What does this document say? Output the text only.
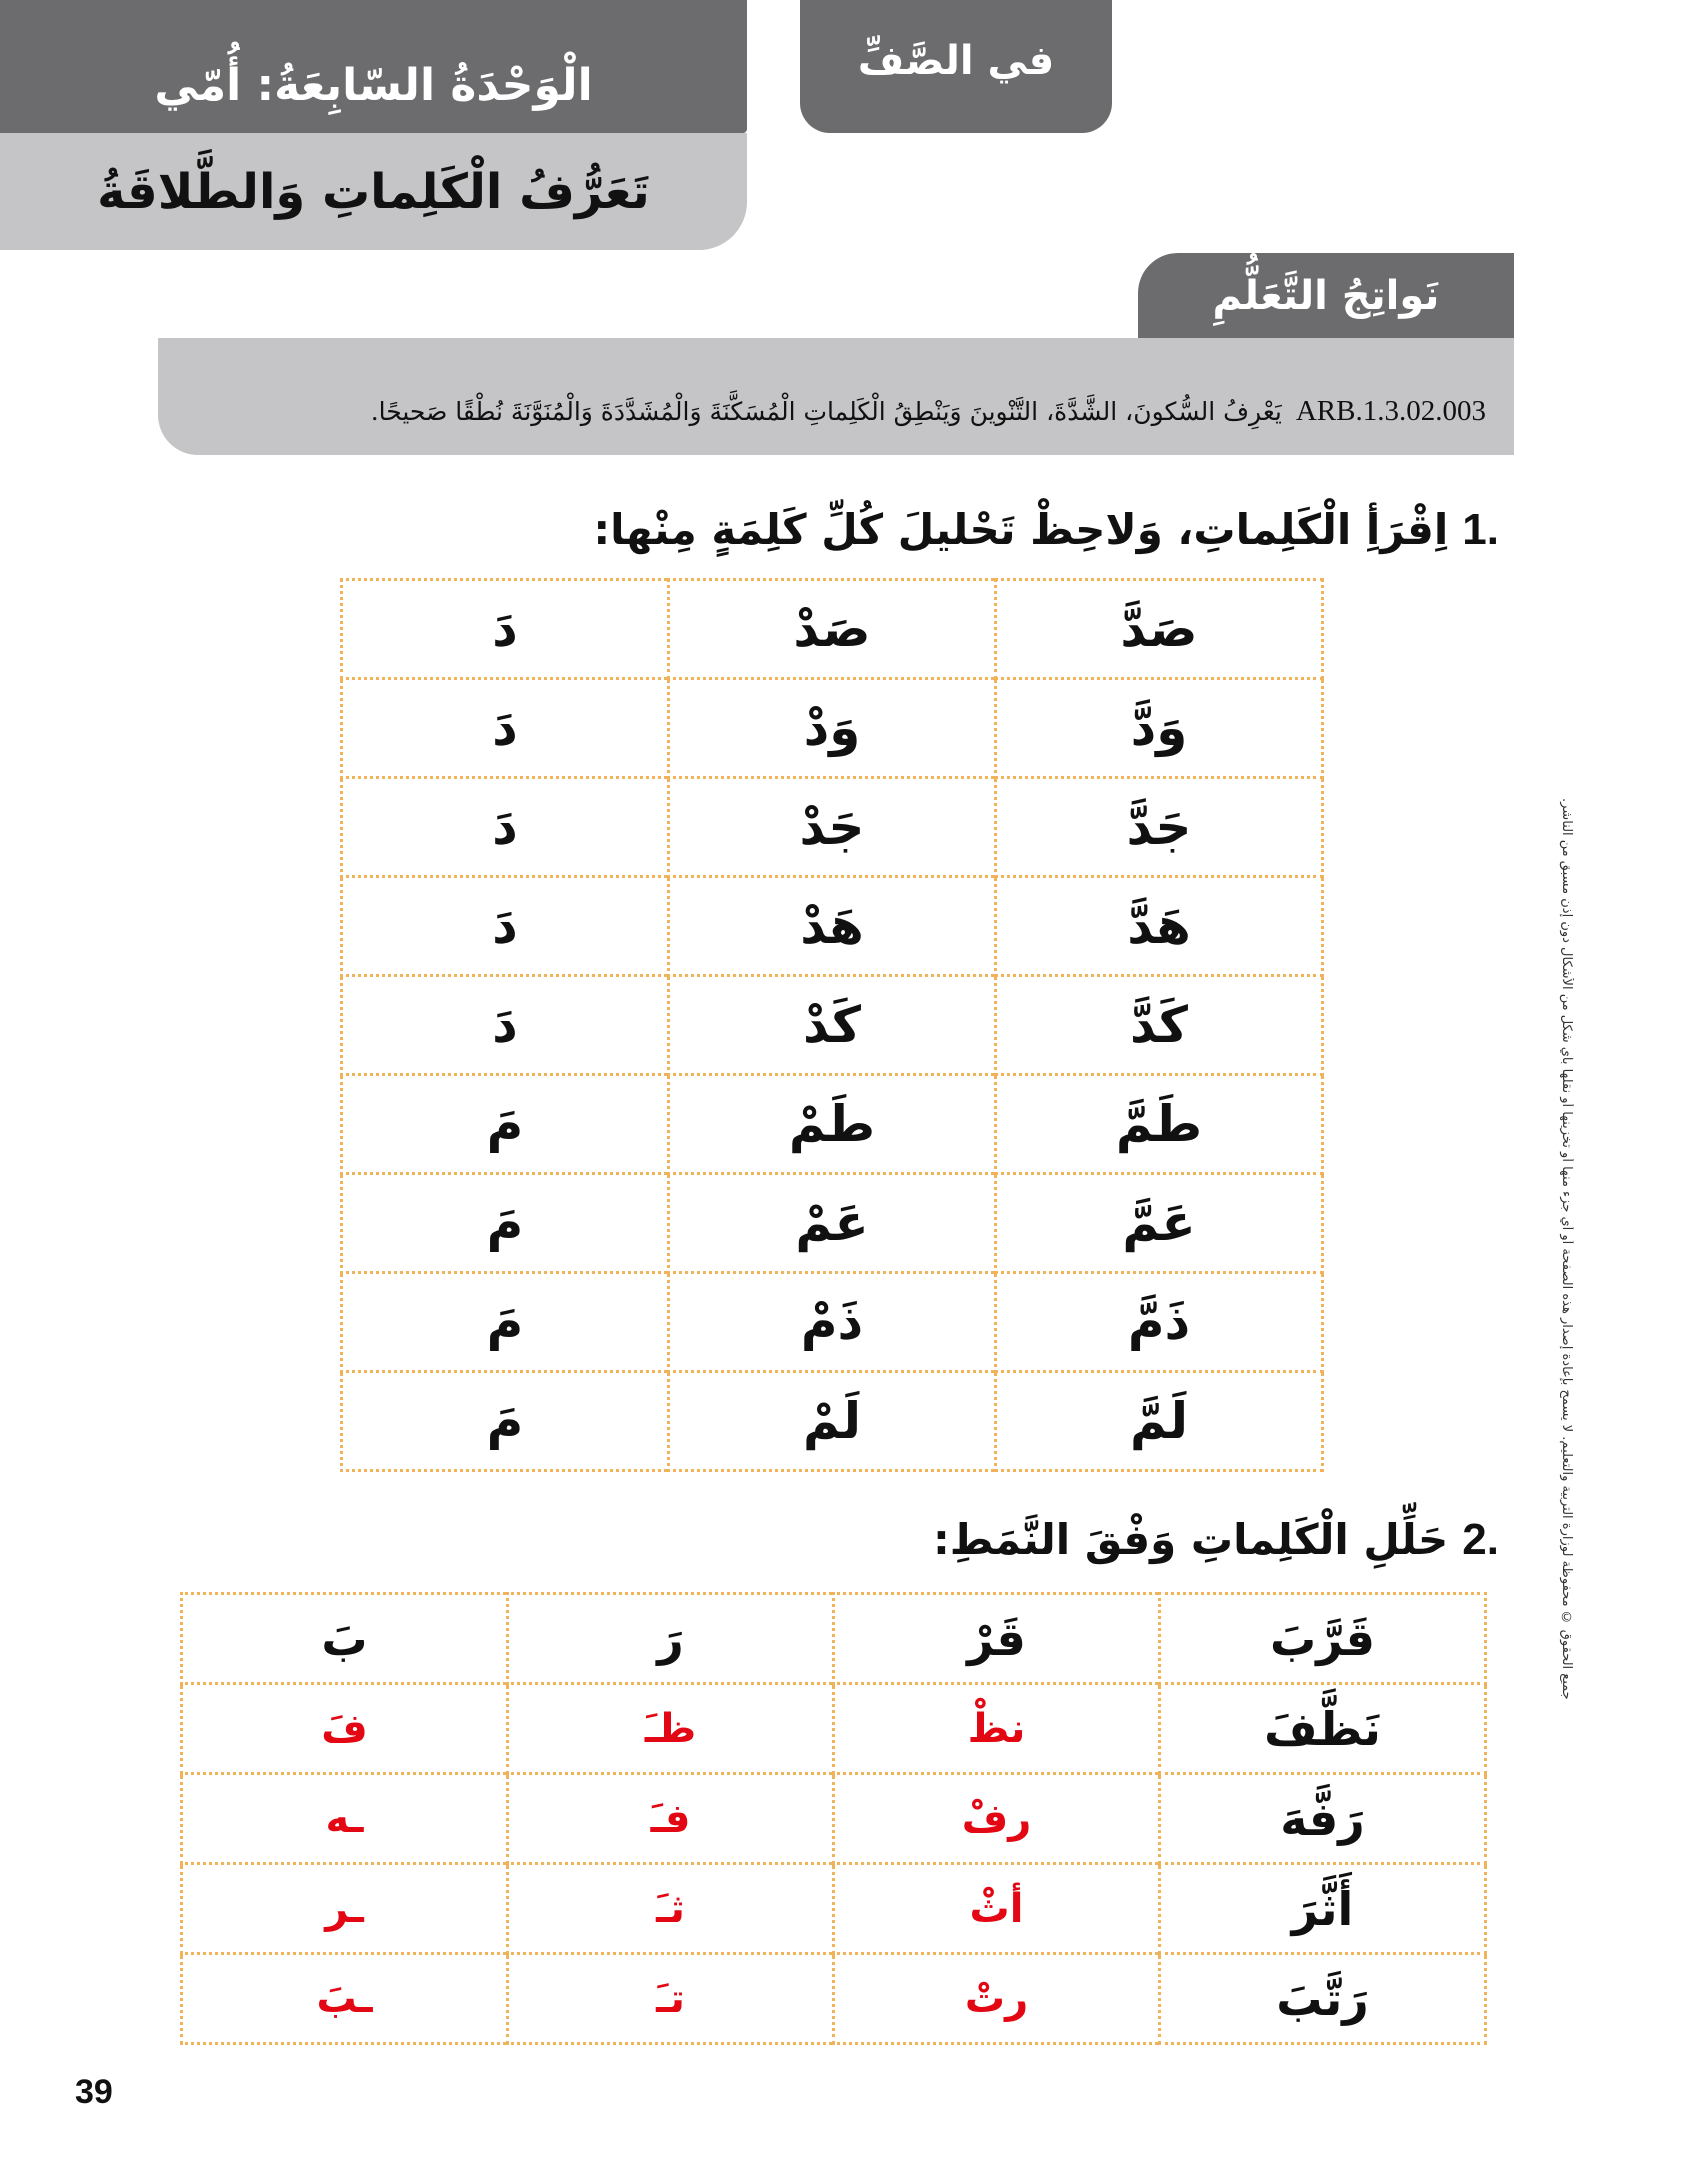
الْوَحْدَةُ السّابِعَةُ: أُمّي
تَعَرُّفُ الْكَلِماتِ وَالطَّلاقَةُ
في الصَّفِّ
نَواتِجُ التَّعَلُّمِ
ARB.1.3.02.003يَعْرِفُ السُّكونَ، الشَّدَّةَ، التَّنْوينَ وَيَنْطِقُ الْكَلِماتِ الْمُسَكَّنَةَ وَالْمُشَدَّدَةَ وَالْمُنَوَّنَةَ نُطْقًا صَحيحًا.
1.اِقْرَأِ الْكَلِماتِ، وَلاحِظْ تَحْليلَ كُلِّ كَلِمَةٍ مِنْها:
صَدَّ	صَدْ	دَ
وَدَّ	وَدْ	دَ
جَدَّ	جَدْ	دَ
هَدَّ	هَدْ	دَ
كَدَّ	كَدْ	دَ
طَمَّ	طَمْ	مَ
عَمَّ	عَمْ	مَ
ذَمَّ	ذَمْ	مَ
لَمَّ	لَمْ	مَ
2.حَلِّلِ الْكَلِماتِ وَفْقَ النَّمَطِ:
قَرَّبَ	قَرْ	رَ	بَ
نَظَّفَ	نظْ	ظـَ	فَ
رَفَّهَ	رفْ	فـَ	ـه
أَثَّرَ	أثْ	ثـَ	ـر
رَتَّبَ	رتْ	تـَ	ـبَ
جميع الحقوق © محفوظة لوزارة التربية والتعليم. لا يسمح بإعادة إصدار هذه الصفحة أو أي جزء منها أو تخزينها أو نقلها بأي شكل من الأشكال دون إذن مسبق من الناشر.
39
